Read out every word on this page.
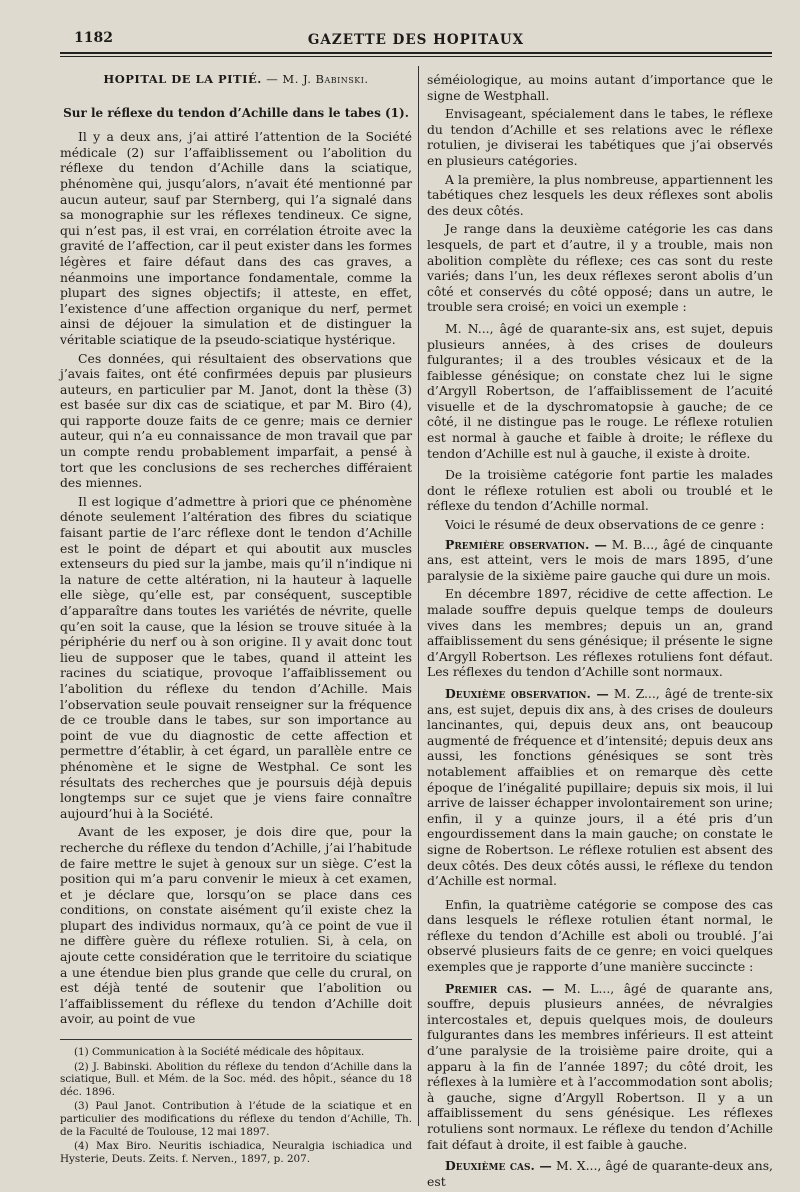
1182	GAZETTE DES HOPITAUX
HOPITAL DE LA PITIÉ. — M. J. Babinski.
Sur le réflexe du tendon d’Achille dans le tabes (1).

Il y a deux ans, j’ai attiré l’attention de la Société médicale (2) sur l’affaiblissement ou l’abolition du réflexe du tendon d’Achille dans la sciatique, phénomène qui, jusqu’alors, n’avait été mentionné par aucun auteur, sauf par Sternberg, qui l’a signalé dans sa monographie sur les réflexes tendineux. Ce signe, qui n’est pas, il est vrai, en corrélation étroite avec la gravité de l’affection, car il peut exister dans les formes légères et faire défaut dans des cas graves, a néanmoins une importance fondamentale, comme la plupart des signes objectifs; il atteste, en effet, l’existence d’une affection organique du nerf, permet ainsi de déjouer la simulation et de distinguer la véritable sciatique de la pseudo-sciatique hystérique.

Ces données, qui résultaient des observations que j’avais faites, ont été confirmées depuis par plusieurs auteurs, en particulier par M. Janot, dont la thèse (3) est basée sur dix cas de sciatique, et par M. Biro (4), qui rapporte douze faits de ce genre; mais ce dernier auteur, qui n’a eu connaissance de mon travail que par un compte rendu probablement imparfait, a pensé à tort que les conclusions de ses recherches différaient des miennes.

Il est logique d’admettre à priori que ce phénomène dénote seulement l’altération des fibres du sciatique faisant partie de l’arc réflexe dont le tendon d’Achille est le point de départ et qui aboutit aux muscles extenseurs du pied sur la jambe, mais qu’il n’indique ni la nature de cette altération, ni la hauteur à laquelle elle siège, qu’elle est, par conséquent, susceptible d’apparaître dans toutes les variétés de névrite, quelle qu’en soit la cause, que la lésion se trouve située à la périphérie du nerf ou à son origine. Il y avait donc tout lieu de supposer que le tabes, quand il atteint les racines du sciatique, provoque l’affaiblissement ou l’abolition du réflexe du tendon d’Achille. Mais l’observation seule pouvait renseigner sur la fréquence de ce trouble dans le tabes, sur son importance au point de vue du diagnostic de cette affection et permettre d’établir, à cet égard, un parallèle entre ce phénomène et le signe de Westphal. Ce sont les résultats des recherches que je poursuis déjà depuis longtemps sur ce sujet que je viens faire connaître aujourd’hui à la Société.

Avant de les exposer, je dois dire que, pour la recherche du réflexe du tendon d’Achille, j’ai l’habitude de faire mettre le sujet à genoux sur un siège. C’est la position qui m’a paru convenir le mieux à cet examen, et je déclare que, lorsqu’on se place dans ces conditions, on constate aisément qu’il existe chez la plupart des individus normaux, qu’à ce point de vue il ne diffère guère du réflexe rotulien. Si, à cela, on ajoute cette considération que le territoire du sciatique a une étendue bien plus grande que celle du crural, on est déjà tenté de soutenir que l’abolition ou l’affaiblissement du réflexe du tendon d’Achille doit avoir, au point de vue

(1) Communication à la Société médicale des hôpitaux.
(2) J. Babinski. Abolition du réflexe du tendon d’Achille dans la sciatique, Bull. et Mém. de la Soc. méd. des hôpit., séance du 18 déc. 1896.
(3) Paul Janot. Contribution à l’étude de la sciatique et en particulier des modifications du réflexe du tendon d’Achille, Th. de la Faculté de Toulouse, 12 mai 1897.
(4) Max Biro. Neuritis ischiadica, Neuralgia ischiadica und Hysterie, Deuts. Zeits. f. Nerven., 1897, p. 207.

séméiologique, au moins autant d’importance que le signe de Westphall.

Envisageant, spécialement dans le tabes, le réflexe du tendon d’Achille et ses relations avec le réflexe rotulien, je diviserai les tabétiques que j’ai observés en plusieurs catégories.

A la première, la plus nombreuse, appartiennent les tabétiques chez lesquels les deux réflexes sont abolis des deux côtés.

Je range dans la deuxième catégorie les cas dans lesquels, de part et d’autre, il y a trouble, mais non abolition complète du réflexe; ces cas sont du reste variés; dans l’un, les deux réflexes seront abolis d’un côté et conservés du côté opposé; dans un autre, le trouble sera croisé; en voici un exemple :

M. N..., âgé de quarante-six ans, est sujet, depuis plusieurs années, à des crises de douleurs fulgurantes; il a des troubles vésicaux et de la faiblesse génésique; on constate chez lui le signe d’Argyll Robertson, de l’affaiblissement de l’acuité visuelle et de la dyschromatopsie à gauche; de ce côté, il ne distingue pas le rouge. Le réflexe rotulien est normal à gauche et faible à droite; le réflexe du tendon d’Achille est nul à gauche, il existe à droite.

De la troisième catégorie font partie les malades dont le réflexe rotulien est aboli ou troublé et le réflexe du tendon d’Achille normal.

Voici le résumé de deux observations de ce genre :

Première observation. — M. B..., âgé de cinquante ans, est atteint, vers le mois de mars 1895, d’une paralysie de la sixième paire gauche qui dure un mois.

En décembre 1897, récidive de cette affection. Le malade souffre depuis quelque temps de douleurs vives dans les membres; depuis un an, grand affaiblissement du sens génésique; il présente le signe d’Argyll Robertson. Les réflexes rotuliens font défaut. Les réflexes du tendon d’Achille sont normaux.

Deuxième observation. — M. Z..., âgé de trente-six ans, est sujet, depuis dix ans, à des crises de douleurs lancinantes, qui, depuis deux ans, ont beaucoup augmenté de fréquence et d’intensité; depuis deux ans aussi, les fonctions génésiques se sont très notablement affaiblies et on remarque dès cette époque de l’inégalité pupillaire; depuis six mois, il lui arrive de laisser échapper involontairement son urine; enfin, il y a quinze jours, il a été pris d’un engourdissement dans la main gauche; on constate le signe de Robertson. Le réflexe rotulien est absent des deux côtés. Des deux côtés aussi, le réflexe du tendon d’Achille est normal.

Enfin, la quatrième catégorie se compose des cas dans lesquels le réflexe rotulien étant normal, le réflexe du tendon d’Achille est aboli ou troublé. J’ai observé plusieurs faits de ce genre; en voici quelques exemples que je rapporte d’une manière succincte :

Premier cas. — M. L..., âgé de quarante ans, souffre, depuis plusieurs années, de névralgies intercostales et, depuis quelques mois, de douleurs fulgurantes dans les membres inférieurs. Il est atteint d’une paralysie de la troisième paire droite, qui a apparu à la fin de l’année 1897; du côté droit, les réflexes à la lumière et à l’accommodation sont abolis; à gauche, signe d’Argyll Robertson. Il y a un affaiblissement du sens génésique. Les réflexes rotuliens sont normaux. Le réflexe du tendon d’Achille fait défaut à droite, il est faible à gauche.

Deuxième cas. — M. X..., âgé de quarante-deux ans, est
